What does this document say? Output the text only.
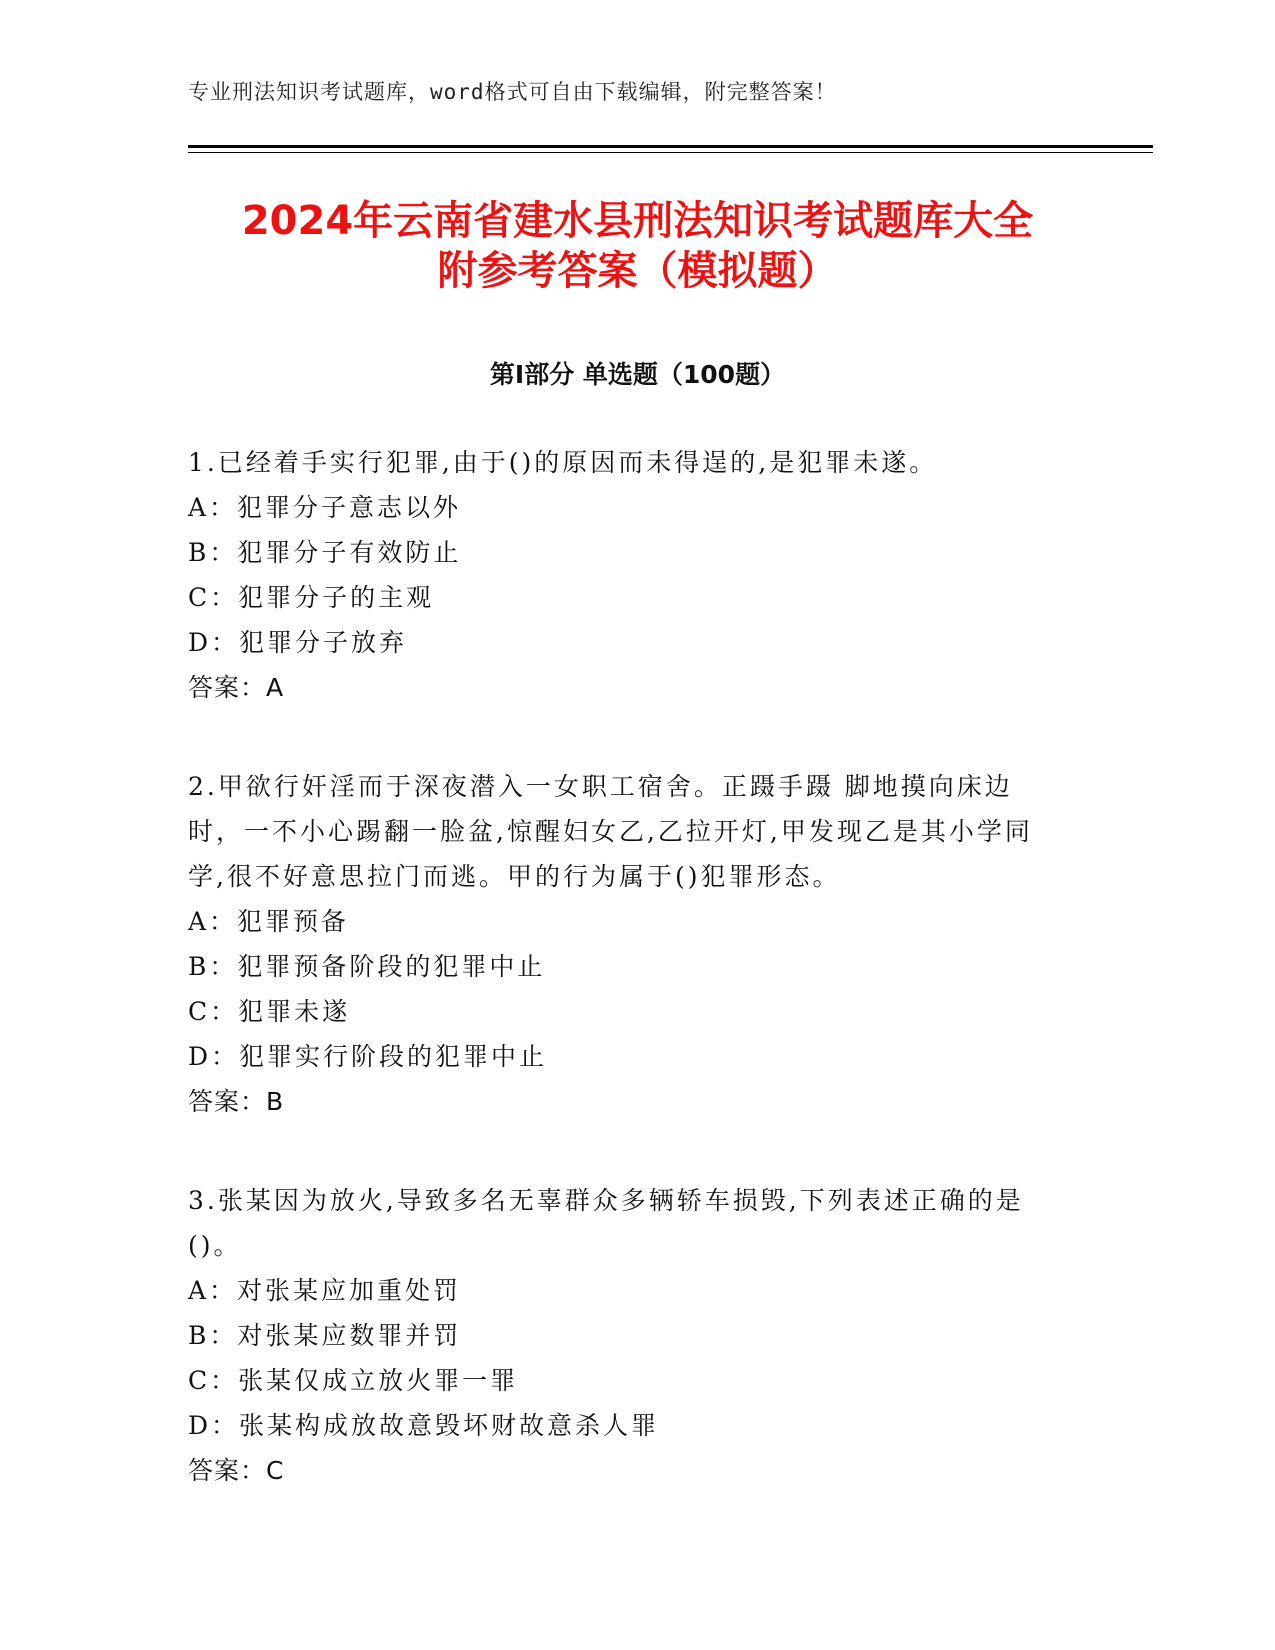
专业刑法知识考试题库，word格式可自由下载编辑，附完整答案！
2024年云南省建水县刑法知识考试题库大全
附参考答案（模拟题）
第Ⅰ部分 单选题（100题）

1.已经着手实行犯罪,由于()的原因而未得逞的,是犯罪未遂。

A：犯罪分子意志以外

B：犯罪分子有效防止

C：犯罪分子的主观

D：犯罪分子放弃

答案：A

2.甲欲行奸淫而于深夜潜入一女职工宿舍。正蹑手蹑 脚地摸向床边时，一不小心踢翻一脸盆,惊醒妇女乙,乙拉开灯,甲发现乙是其小学同学,很不好意思拉门而逃。甲的行为属于()犯罪形态。

A：犯罪预备

B：犯罪预备阶段的犯罪中止

C：犯罪未遂

D：犯罪实行阶段的犯罪中止

答案：B

3.张某因为放火,导致多名无辜群众多辆轿车损毁,下列表述正确的是()。

A：对张某应加重处罚

B：对张某应数罪并罚

C：张某仅成立放火罪一罪

D：张某构成放故意毁坏财故意杀人罪

答案：C
